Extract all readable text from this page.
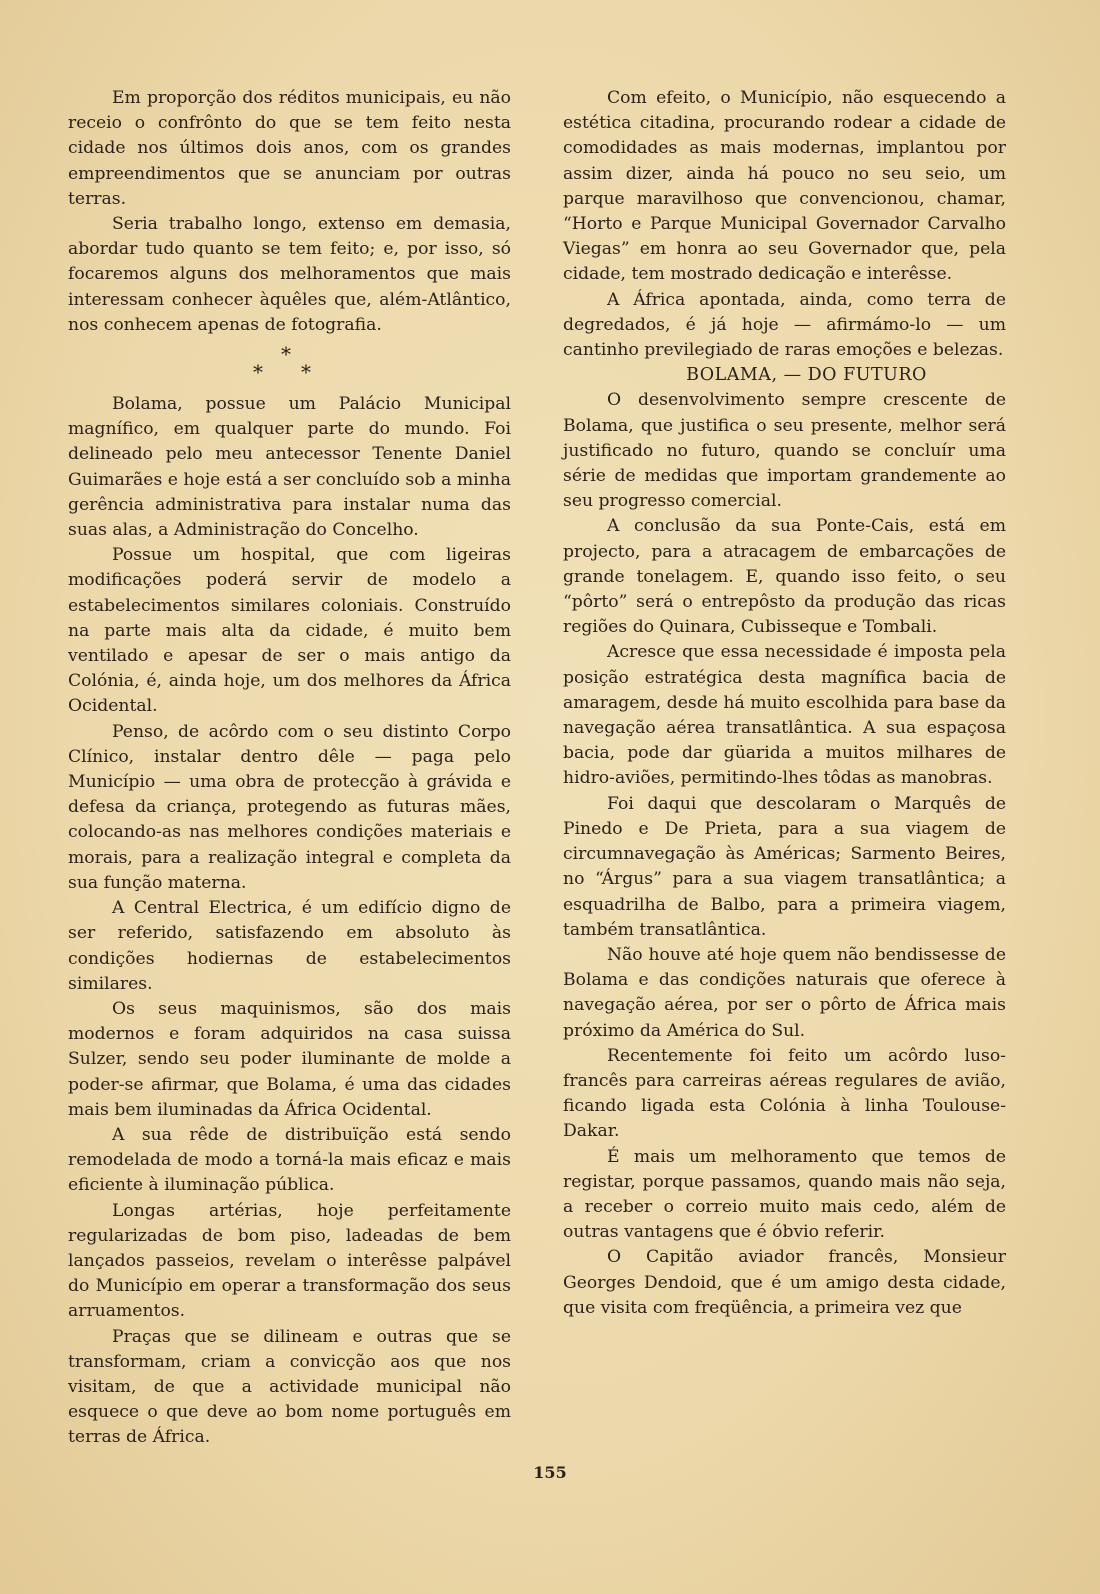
Em proporção dos réditos municipais, eu não receio o confrônto do que se tem feito nesta cidade nos últimos dois anos, com os grandes empreendimentos que se anunciam por outras terras.

Seria trabalho longo, extenso em demasia, abordar tudo quanto se tem feito; e, por isso, só focaremos alguns dos melhoramentos que mais interessam conhecer àquêles que, além-Atlântico, nos conhecem apenas de fotografia.

*
* *

Bolama, possue um Palácio Municipal magnífico, em qualquer parte do mundo. Foi delineado pelo meu antecessor Tenente Daniel Guimarães e hoje está a ser concluído sob a minha gerência administrativa para instalar numa das suas alas, a Administração do Concelho.

Possue um hospital, que com ligeiras modificações poderá servir de modelo a estabelecimentos similares coloniais. Construído na parte mais alta da cidade, é muito bem ventilado e apesar de ser o mais antigo da Colónia, é, ainda hoje, um dos melhores da África Ocidental.

Penso, de acôrdo com o seu distinto Corpo Clínico, instalar dentro dêle — paga pelo Município — uma obra de protecção à grávida e defesa da criança, protegendo as futuras mães, colocando-as nas melhores condições materiais e morais, para a realização integral e completa da sua função materna.

A Central Electrica, é um edifício digno de ser referido, satisfazendo em absoluto às condições hodiernas de estabelecimentos similares.

Os seus maquinismos, são dos mais modernos e foram adquiridos na casa suissa Sulzer, sendo seu poder iluminante de molde a poder-se afirmar, que Bolama, é uma das cidades mais bem iluminadas da África Ocidental.

A sua rêde de distribuïção está sendo remodelada de modo a torná-la mais eficaz e mais eficiente à iluminação pública.

Longas artérias, hoje perfeitamente regularizadas de bom piso, ladeadas de bem lançados passeios, revelam o interêsse palpável do Município em operar a transformação dos seus arruamentos.

Praças que se dilineam e outras que se transformam, criam a convicção aos que nos visitam, de que a actividade municipal não esquece o que deve ao bom nome português em terras de África.

Com efeito, o Município, não esquecendo a estética citadina, procurando rodear a cidade de comodidades as mais modernas, implantou por assim dizer, ainda há pouco no seu seio, um parque maravilhoso que convencionou, chamar, “Horto e Parque Municipal Governador Carvalho Viegas” em honra ao seu Governador que, pela cidade, tem mostrado dedicação e interêsse.

A África apontada, ainda, como terra de degredados, é já hoje — afirmámo-lo — um cantinho previlegiado de raras emoções e belezas.

BOLAMA, — DO FUTURO

O desenvolvimento sempre crescente de Bolama, que justifica o seu presente, melhor será justificado no futuro, quando se concluír uma série de medidas que importam grandemente ao seu progresso comercial.

A conclusão da sua Ponte-Cais, está em projecto, para a atracagem de embarcações de grande tonelagem. E, quando isso feito, o seu “pôrto” será o entrepôsto da produção das ricas regiões do Quinara, Cubisseque e Tombali.

Acresce que essa necessidade é imposta pela posição estratégica desta magnífica bacia de amaragem, desde há muito escolhida para base da navegação aérea transatlântica. A sua espaçosa bacia, pode dar güarida a muitos milhares de hidro-aviões, permitindo-lhes tôdas as manobras.

Foi daqui que descolaram o Marquês de Pinedo e De Prieta, para a sua viagem de circumnavegação às Américas; Sarmento Beires, no “Árgus” para a sua viagem transatlântica; a esquadrilha de Balbo, para a primeira viagem, também transatlântica.

Não houve até hoje quem não bendissesse de Bolama e das condições naturais que oferece à navegação aérea, por ser o pôrto de África mais próximo da América do Sul.

Recentemente foi feito um acôrdo luso-francês para carreiras aéreas regulares de avião, ficando ligada esta Colónia à linha Toulouse-Dakar.

É mais um melhoramento que temos de registar, porque passamos, quando mais não seja, a receber o correio muito mais cedo, além de outras vantagens que é óbvio referir.

O Capitão aviador francês, Monsieur Georges Dendoid, que é um amigo desta cidade, que visita com freqüência, a primeira vez que

155
